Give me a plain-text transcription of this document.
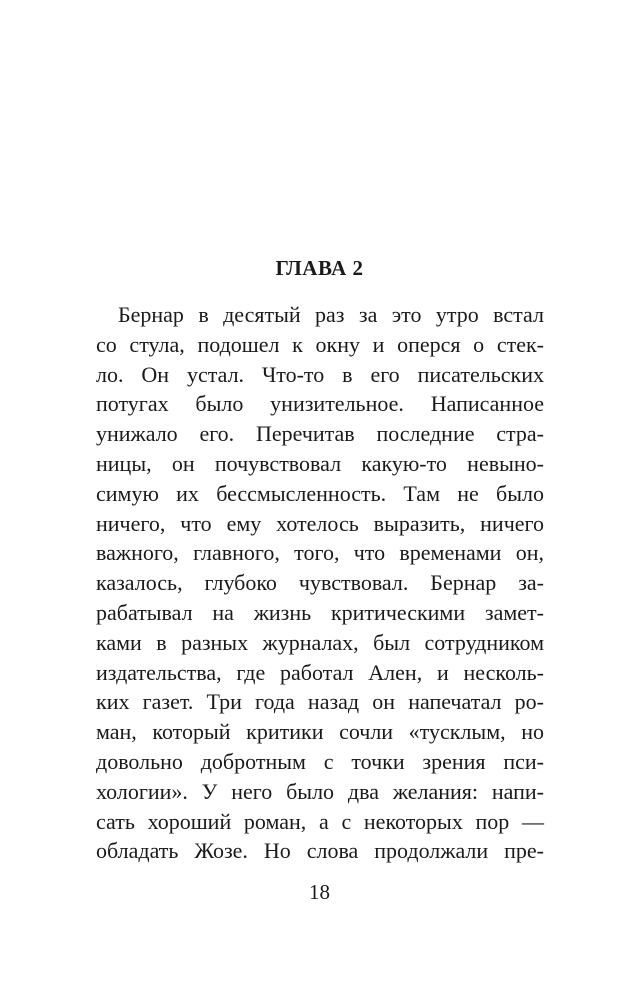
ГЛАВА 2
 Бернар в десятый раз за это утро встал
со стула, подошел к окну и оперся о стек-
ло. Он устал. Что-то в его писательских
потугах было унизительное. Написанное
унижало его. Перечитав последние стра-
ницы, он почувствовал какую-то невыно-
симую их бессмысленность. Там не было
ничего, что ему хотелось выразить, ничего
важного, главного, того, что временами он,
казалось, глубоко чувствовал. Бернар за-
рабатывал на жизнь критическими замет-
ками в разных журналах, был сотрудником
издательства, где работал Ален, и несколь-
ких газет. Три года назад он напечатал ро-
ман, который критики сочли «тусклым, но
довольно добротным с точки зрения пси-
хологии». У него было два желания: напи-
сать хороший роман, а с некоторых пор —
обладать Жозе. Но слова продолжали пре-
18
